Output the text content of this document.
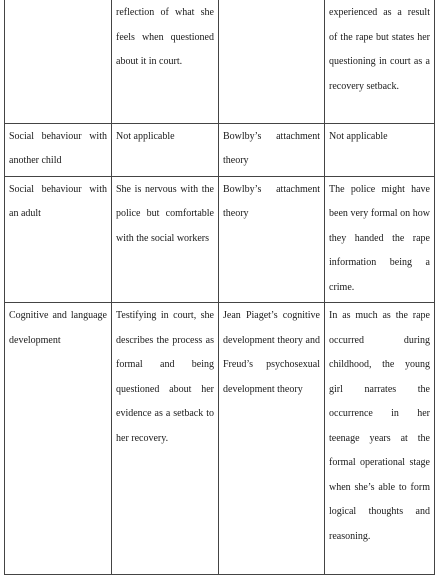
	reflection of what she feels when questioned about it in court.		experienced as a result of the rape but states her questioning in court as a recovery setback.

Social behaviour with another child	Not applicable	Bowlby’s attachment theory	Not applicable

Social behaviour with an adult	She is nervous with the police but comfortable with the social workers	Bowlby’s attachment theory	The police might have been very formal on how they handed the rape information being a crime.

Cognitive and language development	Testifying in court, she describes the process as formal and being questioned about her evidence as a setback to her recovery.	Jean Piaget’s cognitive development theory and Freud’s psychosexual development theory	In as much as the rape occurred during childhood, the young girl narrates the occurrence in her teenage years at the formal operational stage when she’s able to form logical thoughts and reasoning.
